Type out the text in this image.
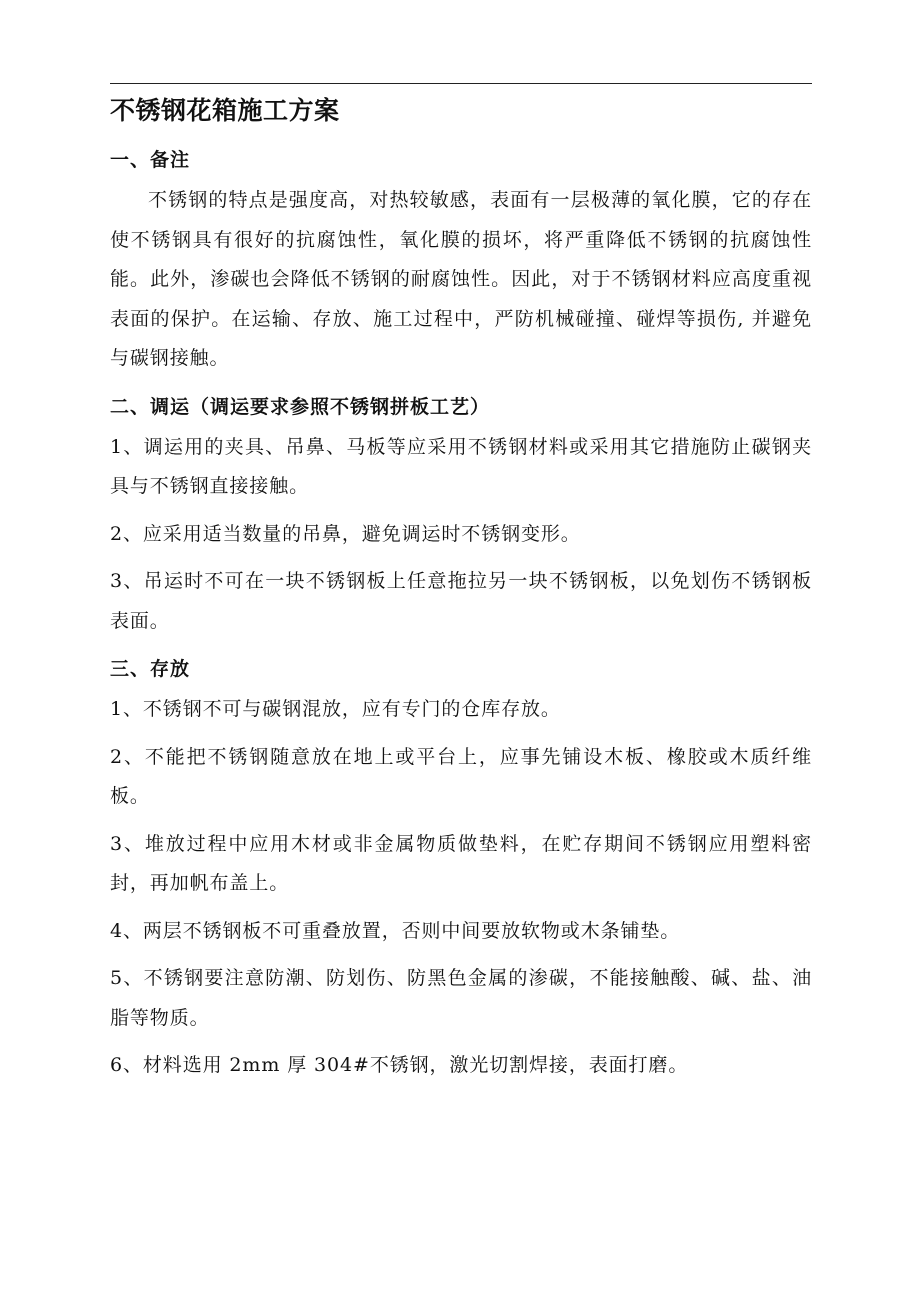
不锈钢花箱施工方案
一、备注

不锈钢的特点是强度高，对热较敏感，表面有一层极薄的氧化膜，它的存在使不锈钢具有很好的抗腐蚀性，氧化膜的损坏，将严重降低不锈钢的抗腐蚀性能。此外，渗碳也会降低不锈钢的耐腐蚀性。因此，对于不锈钢材料应高度重视表面的保护。在运输、存放、施工过程中，严防机械碰撞、碰焊等损伤, 并避免与碳钢接触。

二、调运（调运要求参照不锈钢拼板工艺）
1、调运用的夹具、吊鼻、马板等应采用不锈钢材料或采用其它措施防止碳钢夹具与不锈钢直接接触。
2、应采用适当数量的吊鼻，避免调运时不锈钢变形。
3、吊运时不可在一块不锈钢板上任意拖拉另一块不锈钢板，以免划伤不锈钢板表面。
三、存放
1、不锈钢不可与碳钢混放，应有专门的仓库存放。
2、不能把不锈钢随意放在地上或平台上，应事先铺设木板、橡胶或木质纤维板。
3、堆放过程中应用木材或非金属物质做垫料，在贮存期间不锈钢应用塑料密封，再加帆布盖上。
4、两层不锈钢板不可重叠放置，否则中间要放软物或木条铺垫。
5、不锈钢要注意防潮、防划伤、防黑色金属的渗碳，不能接触酸、碱、盐、油脂等物质。
6、材料选用 2mm 厚 304#不锈钢，激光切割焊接，表面打磨。
